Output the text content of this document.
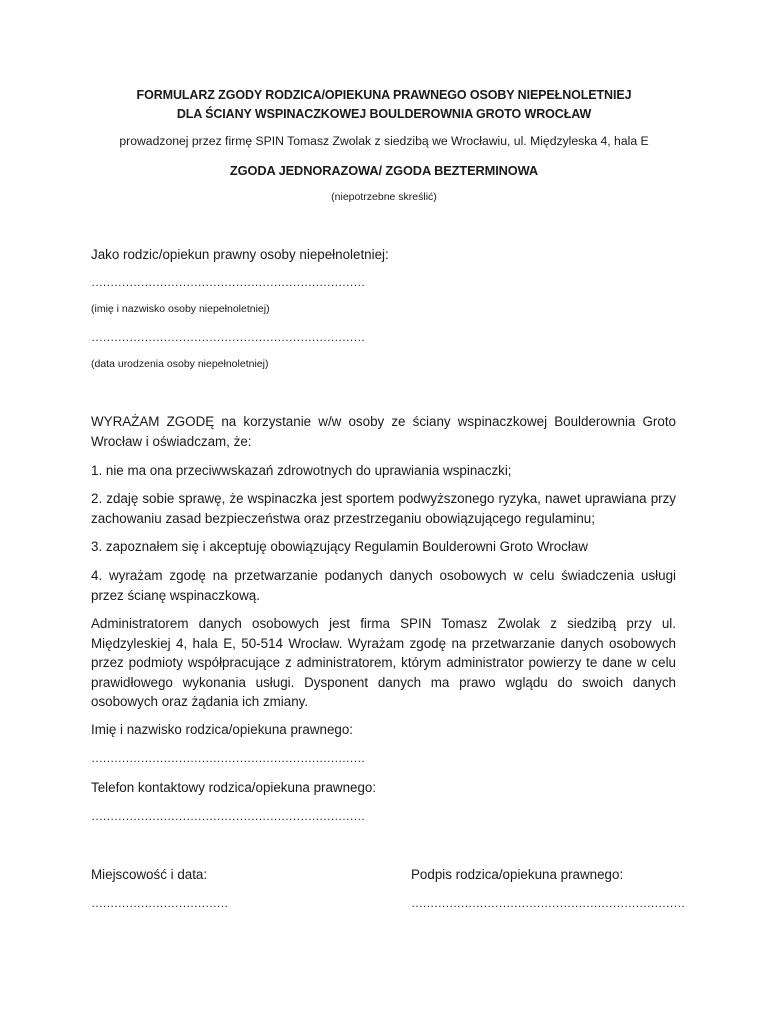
FORMULARZ ZGODY RODZICA/OPIEKUNA PRAWNEGO OSOBY NIEPEŁNOLETNIEJ
DLA ŚCIANY WSPINACZKOWEJ BOULDEROWNIA GROTO WROCŁAW
prowadzonej przez firmę SPIN Tomasz Zwolak z siedzibą we Wrocławiu, ul. Międzyleska 4, hala E
ZGODA JEDNORAZOWA/ ZGODA BEZTERMINOWA
(niepotrzebne skreślić)
Jako rodzic/opiekun prawny osoby niepełnoletniej:
………………………………………………………………
(imię i nazwisko osoby niepełnoletniej)
………………………………………………………………
(data urodzenia osoby niepełnoletniej)
WYRAŻAM ZGODĘ na korzystanie w/w osoby ze ściany wspinaczkowej Boulderownia Groto Wrocław i oświadczam, że:
1. nie ma ona przeciwwskazań zdrowotnych do uprawiania wspinaczki;
2. zdaję sobie sprawę, że wspinaczka jest sportem podwyższonego ryzyka, nawet uprawiana przy zachowaniu zasad bezpieczeństwa oraz przestrzeganiu obowiązującego regulaminu;
3. zapoznałem się i akceptuję obowiązujący Regulamin Boulderowni Groto Wrocław
4. wyrażam zgodę na przetwarzanie podanych danych osobowych w celu świadczenia usługi przez ścianę wspinaczkową.
Administratorem danych osobowych jest firma SPIN Tomasz Zwolak z siedzibą przy ul. Międzyleskiej 4, hala E, 50-514 Wrocław. Wyrażam zgodę na przetwarzanie danych osobowych przez podmioty współpracujące z administratorem, którym administrator powierzy te dane w celu prawidłowego wykonania usługi. Dysponent danych ma prawo wglądu do swoich danych osobowych oraz żądania ich zmiany.
Imię i nazwisko rodzica/opiekuna prawnego:
………………………………………………………………
Telefon kontaktowy rodzica/opiekuna prawnego:
………………………………………………………………
Miejscowość i data:
………………………………
Podpis rodzica/opiekuna prawnego:
………………………………………………………………
